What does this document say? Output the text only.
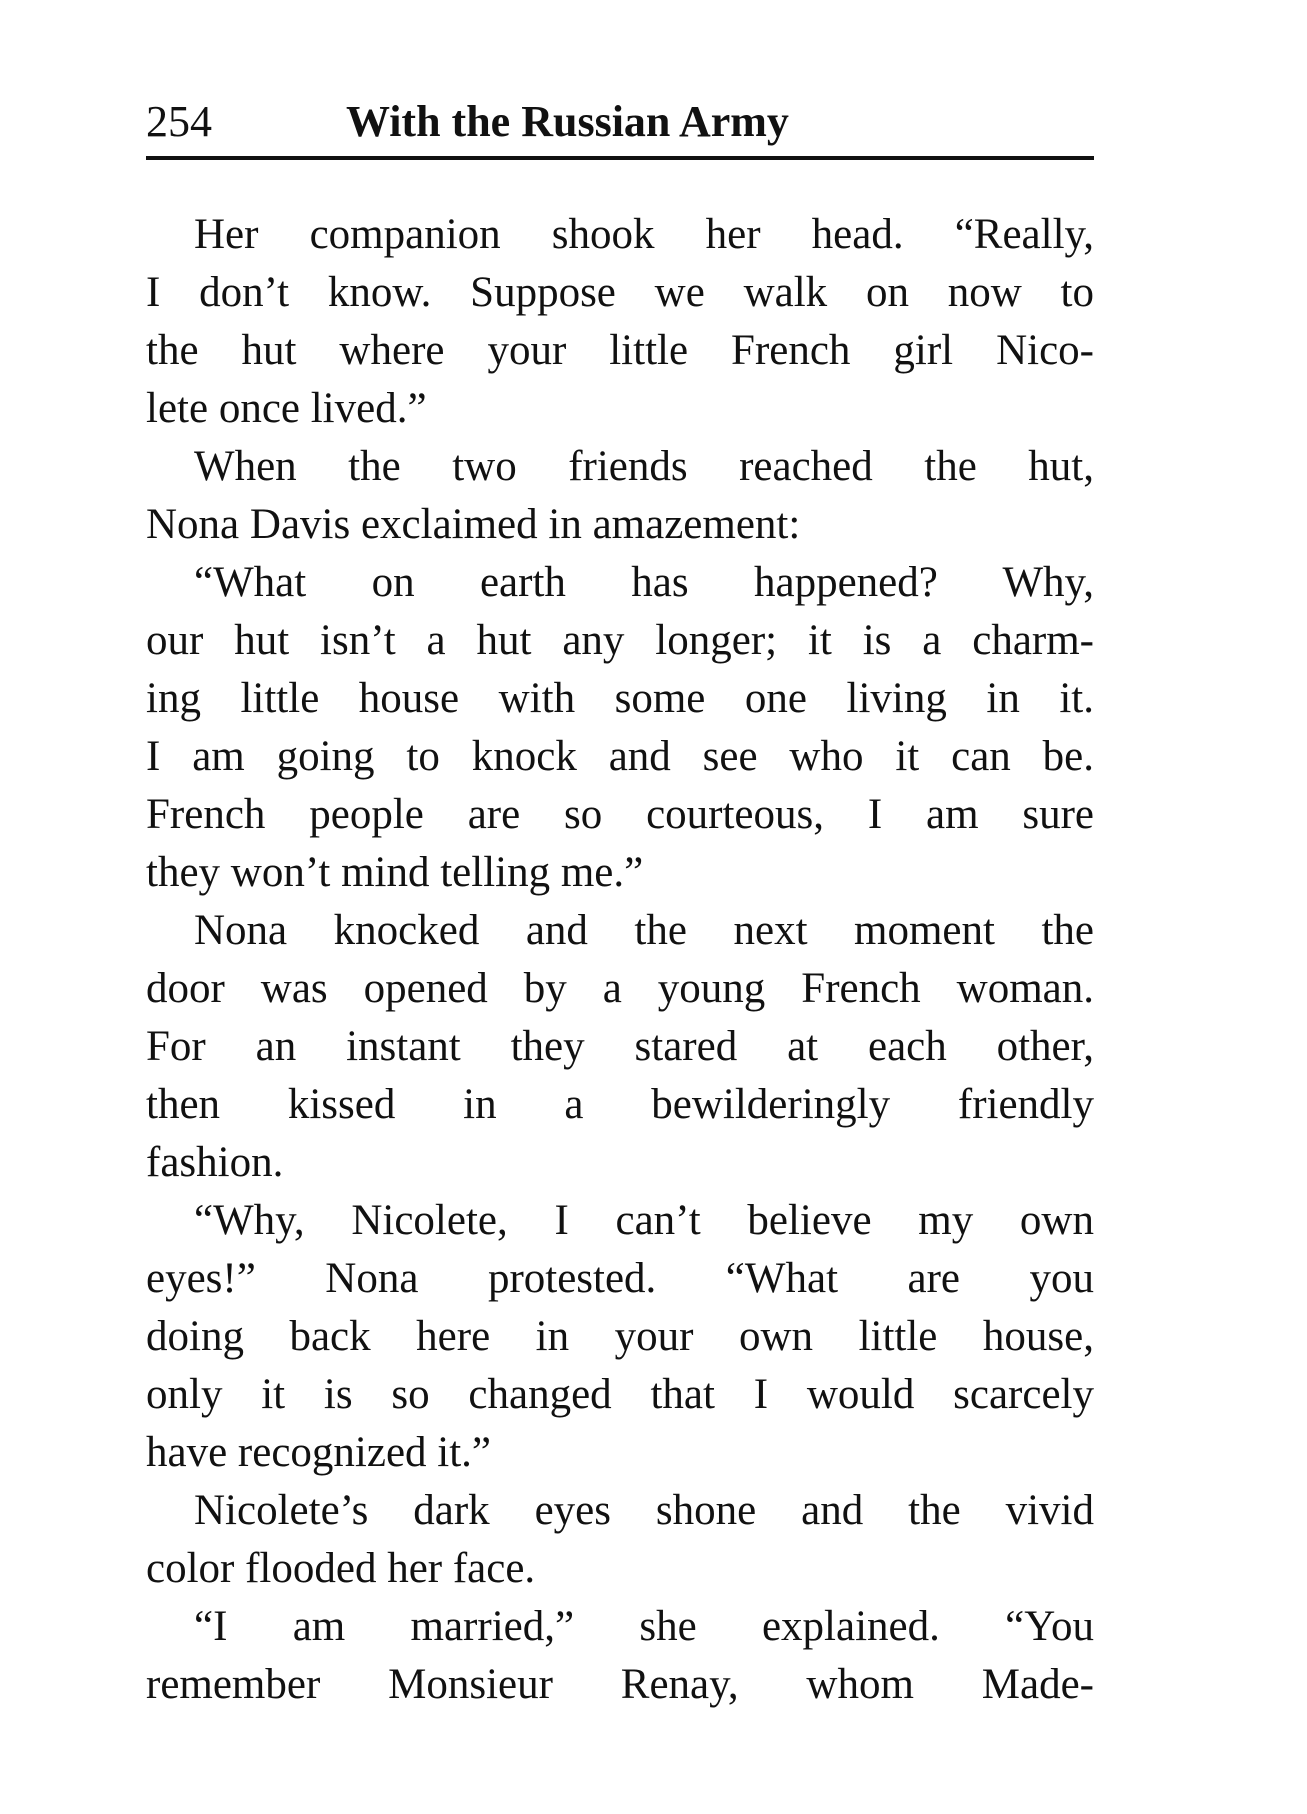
254	With the Russian Army
Her companion shook her head. “Really,
I don’t know. Suppose we walk on now to
the hut where your little French girl Nico-
lete once lived.”
When the two friends reached the hut,
Nona Davis exclaimed in amazement:
“What on earth has happened? Why,
our hut isn’t a hut any longer; it is a charm-
ing little house with some one living in it.
I am going to knock and see who it can be.
French people are so courteous, I am sure
they won’t mind telling me.”
Nona knocked and the next moment the
door was opened by a young French woman.
For an instant they stared at each other,
then kissed in a bewilderingly friendly
fashion.
“Why, Nicolete, I can’t believe my own
eyes!” Nona protested. “What are you
doing back here in your own little house,
only it is so changed that I would scarcely
have recognized it.”
Nicolete’s dark eyes shone and the vivid
color flooded her face.
“I am married,” she explained. “You
remember Monsieur Renay, whom Made-
